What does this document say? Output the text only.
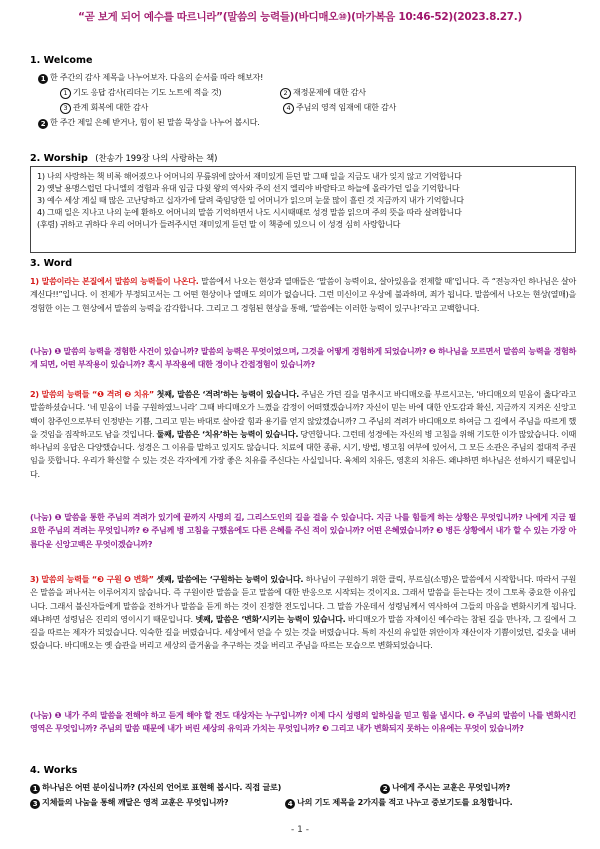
“곧 보게 되어 예수를 따르니라”(말씀의 능력들)(바디매오⑩)(마가복음 10:46-52)(2023.8.27.)
1. Welcome
1 한 주간의 감사 제목을 나누어보자. 다음의 순서를 따라 해보자!
1 기도 응답 감사(리더는 기도 노트에 적을 것)	2 재정문제에 대한 감사
3 관계 회복에 대한 감사	4 주님의 영적 임재에 대한 감사
2 한 주간 제일 은혜 받거나, 힘이 된 말씀 묵상을 나누어 봅시다.
2. Worship (찬송가 199장 나의 사랑하는 책)
1) 나의 사랑하는 책 비록 해어졌으나 어머니의 무릎위에 앉아서 재미있게 듣던 말 그때 일을 지금도 내가 잊지 않고 기억합니다
2) 옛날 용맹스럽던 다니엘의 경험과 유대 임금 다윗 왕의 역사와 주의 선지 엘리야 바람타고 하늘에 올라가던 일을 기억합니다
3) 예수 세상 계실 때 많은 고난당하고 십자가에 달려 죽임당한 일 어머니가 읽으며 눈물 많이 흘린 것 지금까지 내가 기억합니다
4) 그때 일은 지나고 나의 눈에 환하오 어머니의 말씀 기억하면서 나도 시시때때로 성경 말씀 읽으며 주의 뜻을 따라 살려합니다
(후렴) 귀하고 귀하다 우리 어머니가 들려주시던 재미있게 듣던 말 이 책중에 있으니 이 성경 심히 사랑합니다
3. Word
1) 말씀이라는 본질에서 말씀의 능력들이 나온다. 말씀에서 나오는 현상과 열매들은 ‘말씀이 능력이요, 살아있음을 전제할 때’입니다. 즉 “전능자인 하나님은 살아계신다!!”입니다. 이 전제가 부정되고서는 그 어떤 현상이나 열매도 의미가 없습니다. 그런 미신이고 우상에 불과하며, 죄가 됩니다. 말씀에서 나오는 현상(열매)을 경험한 이는 그 현상에서 말씀의 능력을 감각합니다. 그리고 그 경험된 현상을 통해, ‘말씀에는 이러한 능력이 있구나!’라고 고백합니다.
(나눔) ❶ 말씀의 능력을 경험한 사건이 있습니까? 말씀의 능력은 무엇이었으며, 그것을 어떻게 경험하게 되었습니까? ❷ 하나님을 모르면서 말씀의 능력을 경험하게 되면, 어떤 부작용이 있습니까? 혹시 부작용에 대한 경이나 간접경험이 있습니까?
2) 말씀의 능력들 “❶ 격려 ❷ 치유” 첫째, 말씀은 ‘격려’하는 능력이 있습니다. 주님은 가던 길을 멈추시고 바디매오를 부르시고는, ‘바디매오의 믿음이 옳다’라고 말씀하셨습니다. ‘네 믿음이 너를 구원하였느니라’ 그때 바디매오가 느꼈을 감정이 어떠했겠습니까? 자신이 믿는 바에 대한 안도감과 확신, 지금까지 지켜온 신앙고백이 참주인으로부터 인정받는 기쁨, 그리고 믿는 바대로 살아갈 힘과 용기를 얻지 않았겠습니까? 그 주님의 격려가 바디매오로 하여금 그 길에서 주님을 따르게 했을 것임을 짐작하고도 남을 것입니다. 둘째, 말씀은 ‘치유’하는 능력이 있습니다. 당연합니다. 그런데 성경에는 자신의 병 고침을 위해 기도한 이가 많았습니다. 이때 하나님의 응답은 다양했습니다. 성경은 그 이유를 말하고 있지도 않습니다. 치료에 대한 종류, 시기, 방법, 병고침 여부에 있어서, 그 모든 소관은 주님의 절대적 주권임을 뜻합니다. 우리가 확신할 수 있는 것은 각자에게 가장 좋은 치유를 주신다는 사실입니다. 육체의 치유든, 영혼의 치유든. 왜냐하면 하나님은 선하시기 때문입니다.
(나눔) ❶ 말씀을 통한 주님의 격려가 있기에 끝까지 사명의 길, 그리스도인의 길을 걸을 수 있습니다. 지금 나를 힘들게 하는 상황은 무엇입니까? 나에게 지금 필요한 주님의 격려는 무엇입니까? ❷ 주님께 병 고침을 구했음에도 다른 은혜를 주신 적이 있습니까? 어떤 은혜였습니까? ❸ 병든 상황에서 내가 할 수 있는 가장 아름다운 신앙고백은 무엇이겠습니까?
3) 말씀의 능력들 “❸ 구원 ❹ 변화” 셋째, 말씀에는 ‘구원하는 능력이 있습니다. 하나님이 구원하기 위한 클릭, 부르심(소명)은 말씀에서 시작합니다. 따라서 구원은 말씀을 퍼나서는 이루어지지 않습니다. 즉 구원이란 말씀을 듣고 말씀에 대한 반응으로 시작되는 것이지요. 그래서 말씀을 듣는다는 것이 그토록 중요한 이유입니다. 그래서 불신자들에게 말씀을 전하거나 말씀을 듣게 하는 것이 진정한 전도입니다. 그 말씀 가운데서 성령님께서 역사하여 그들의 마음을 변화시키게 됩니다. 왜냐하면 성령님은 진리의 영이시기 때문입니다. 넷째, 말씀은 ‘변화’시키는 능력이 있습니다. 바디매오가 말씀 자체이신 예수라는 참된 길을 만나자, 그 길에서 그 길을 따르는 제자가 되었습니다. 익숙한 길을 버렸습니다. 세상에서 얻을 수 있는 것을 버렸습니다. 특히 자신의 유일한 위안이자 재산이자 기쁨이었던, 겉옷을 내버렸습니다. 바디매오는 옛 습관을 버리고 세상의 즐거움을 추구하는 것을 버리고 주님을 따르는 모습으로 변화되었습니다.
(나눔) ❶ 내가 주의 말씀을 전해야 하고 듣게 해야 할 전도 대상자는 누구입니까? 이제 다시 성령의 일하심을 믿고 힘을 냅시다. ❷ 주님의 말씀이 나를 변화시킨 영역은 무엇입니까? 주님의 말씀 때문에 내가 버린 세상의 유익과 가치는 무엇입니까? ❸ 그리고 내가 변화되지 못하는 이유에는 무엇이 있습니까?
4. Works
1 하나님은 어떤 분이십니까? (자신의 언어로 표현해 봅시다. 직접 글로)	2 나에게 주시는 교훈은 무엇입니까?
3 지체들의 나눔을 통해 깨달은 영적 교훈은 무엇입니까?	4 나의 기도 제목을 2가지를 적고 나누고 중보기도를 요청합니다.
- 1 -
